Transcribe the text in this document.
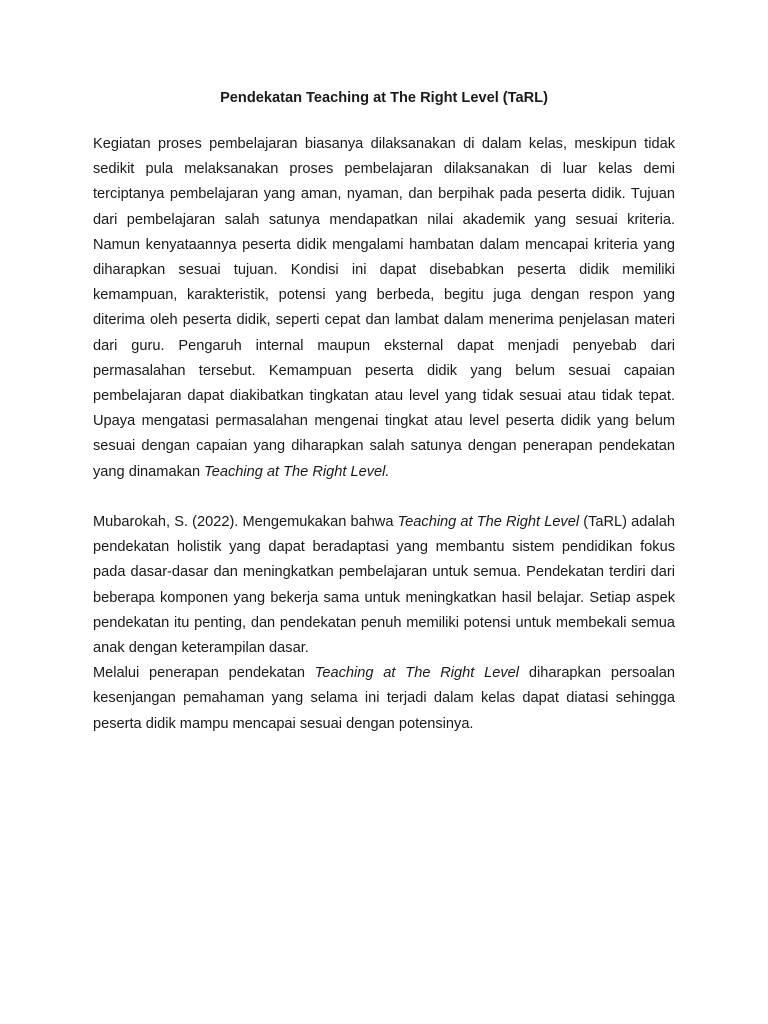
Pendekatan Teaching at The Right Level (TaRL)

Kegiatan proses pembelajaran biasanya dilaksanakan di dalam kelas, meskipun tidak sedikit pula melaksanakan proses pembelajaran dilaksanakan di luar kelas demi terciptanya pembelajaran yang aman, nyaman, dan berpihak pada peserta didik. Tujuan dari pembelajaran salah satunya mendapatkan nilai akademik yang sesuai kriteria. Namun kenyataannya peserta didik mengalami hambatan dalam mencapai kriteria yang diharapkan sesuai tujuan. Kondisi ini dapat disebabkan peserta didik memiliki kemampuan, karakteristik, potensi yang berbeda, begitu juga dengan respon yang diterima oleh peserta didik, seperti cepat dan lambat dalam menerima penjelasan materi dari guru. Pengaruh internal maupun eksternal dapat menjadi penyebab dari permasalahan tersebut. Kemampuan peserta didik yang belum sesuai capaian pembelajaran dapat diakibatkan tingkatan atau level yang tidak sesuai atau tidak tepat. Upaya mengatasi permasalahan mengenai tingkat atau level peserta didik yang belum sesuai dengan capaian yang diharapkan salah satunya dengan penerapan pendekatan yang dinamakan Teaching at The Right Level.

Mubarokah, S. (2022). Mengemukakan bahwa Teaching at The Right Level (TaRL) adalah pendekatan holistik yang dapat beradaptasi yang membantu sistem pendidikan fokus pada dasar-dasar dan meningkatkan pembelajaran untuk semua. Pendekatan terdiri dari beberapa komponen yang bekerja sama untuk meningkatkan hasil belajar. Setiap aspek pendekatan itu penting, dan pendekatan penuh memiliki potensi untuk membekali semua anak dengan keterampilan dasar.

Melalui penerapan pendekatan Teaching at The Right Level diharapkan persoalan kesenjangan pemahaman yang selama ini terjadi dalam kelas dapat diatasi sehingga peserta didik mampu mencapai sesuai dengan potensinya.
